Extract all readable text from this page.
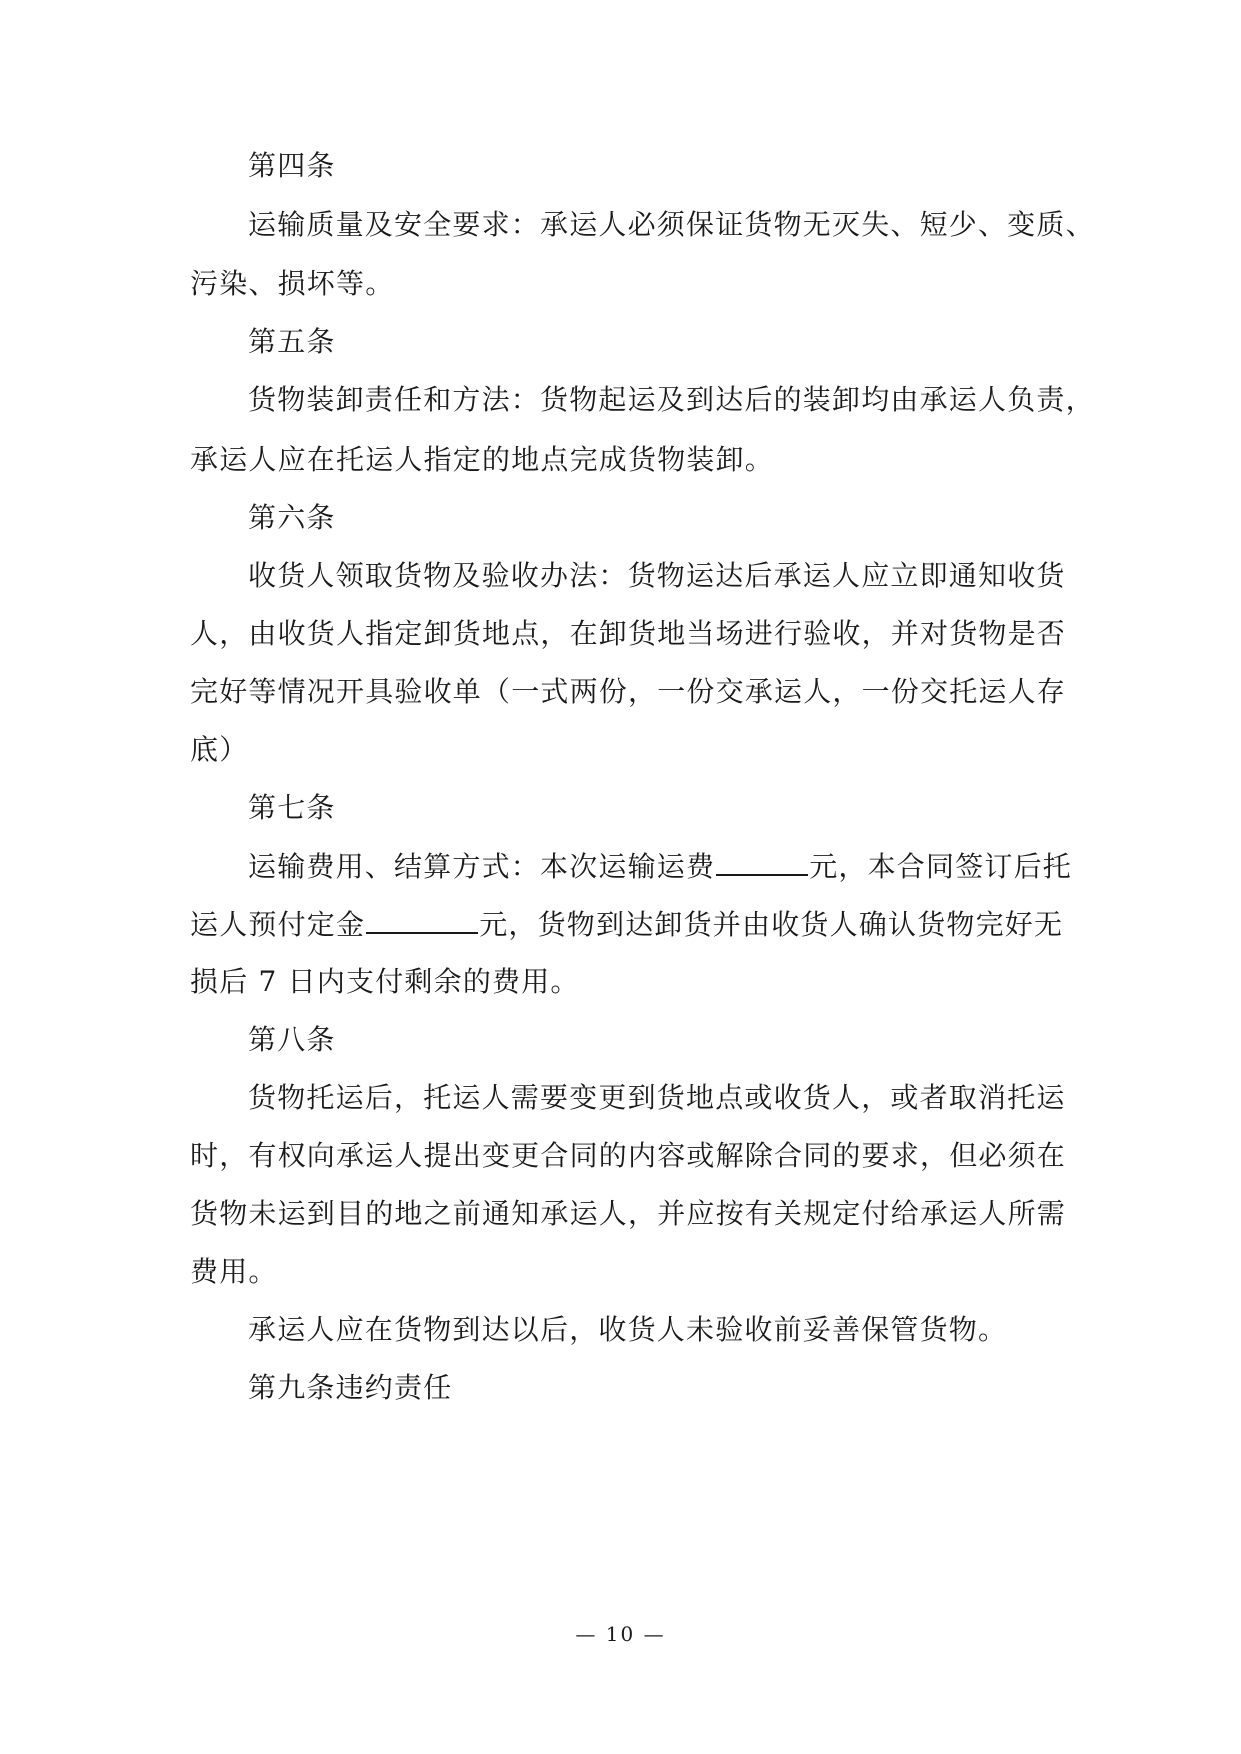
第四条
运输质量及安全要求：承运人必须保证货物无灭失、短少、变质、
污染、损坏等。
第五条
货物装卸责任和方法：货物起运及到达后的装卸均由承运人负责，
承运人应在托运人指定的地点完成货物装卸。
第六条
收货人领取货物及验收办法：货物运达后承运人应立即通知收货
人，由收货人指定卸货地点，在卸货地当场进行验收，并对货物是否
完好等情况开具验收单（一式两份，一份交承运人，一份交托运人存
底）
第七条
运输费用、结算方式：本次运输运费	元，本合同签订后托
运人预付定金	元，货物到达卸货并由收货人确认货物完好无
损后 7 日内支付剩余的费用。
第八条
货物托运后，托运人需要变更到货地点或收货人，或者取消托运
时，有权向承运人提出变更合同的内容或解除合同的要求，但必须在
货物未运到目的地之前通知承运人，并应按有关规定付给承运人所需
费用。
承运人应在货物到达以后，收货人未验收前妥善保管货物。
第九条违约责任
— 10 —
